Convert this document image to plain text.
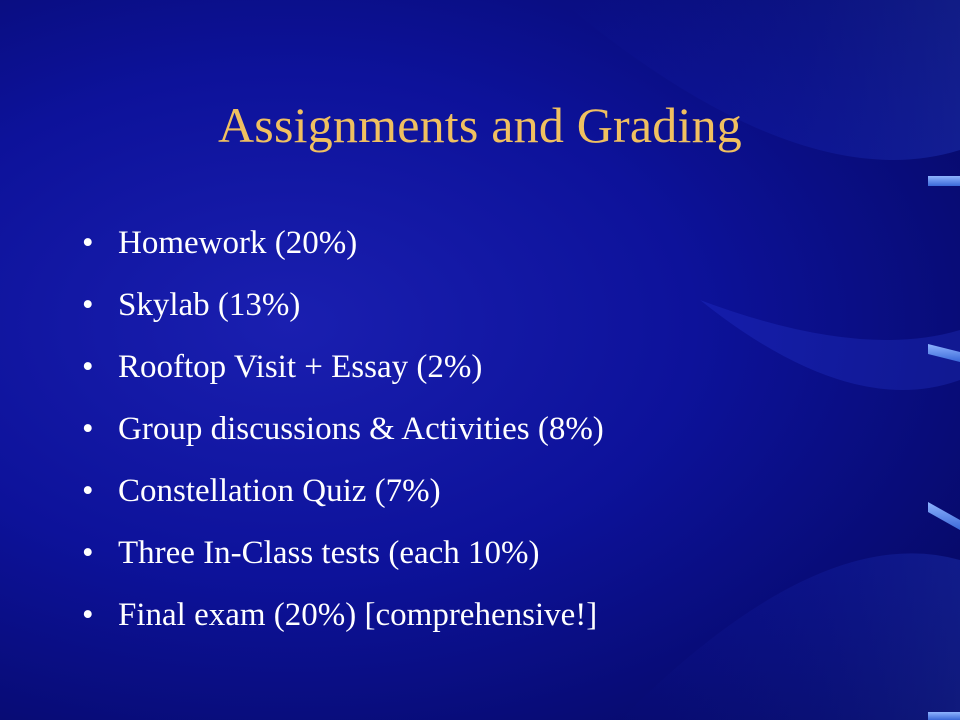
Assignments and Grading
• Homework (20%)
• Skylab (13%)
• Rooftop Visit + Essay (2%)
• Group discussions & Activities (8%)
• Constellation Quiz (7%)
• Three In-Class tests (each 10%)
• Final exam (20%) [comprehensive!]
